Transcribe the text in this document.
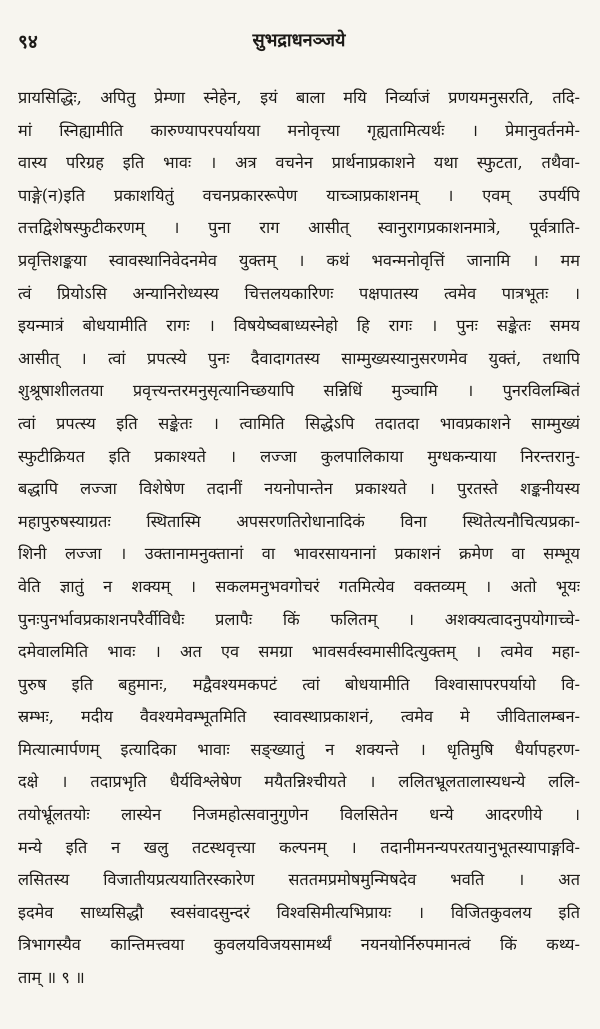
९४	सुभद्राधनञ्जये
प्रायसिद्धिः, अपितु प्रेम्णा स्नेहेन, इयं बाला मयि निर्व्याजं प्रणयमनुसरति, तदि-
मां स्निह्यामीति कारुण्यापरपर्यायया मनोवृत्त्या गृह्यतामित्यर्थः । प्रेमानुवर्तनमे-
वास्य परिग्रह इति भावः । अत्र वचनेन प्रार्थनाप्रकाशने यथा स्फुटता, तथैवा-
पाङ्गे(न)इति प्रकाशयितुं वचनप्रकाररूपेण याच्ञाप्रकाशनम् । एवम् उपर्यपि
तत्तद्विशेषस्फुटीकरणम् । पुना राग आसीत् स्वानुरागप्रकाशनमात्रे, पूर्वत्राति-
प्रवृत्तिशङ्कया स्वावस्थानिवेदनमेव युक्तम् । कथं भवन्मनोवृत्तिं जानामि । मम
त्वं प्रियोऽसि अन्यानिरोध्यस्य चित्तलयकारिणः पक्षपातस्य त्वमेव पात्रभूतः ।
इयन्मात्रं बोधयामीति रागः । विषयेष्वबाध्यस्नेहो हि रागः । पुनः सङ्केतः समय
आसीत् । त्वां प्रपत्स्ये पुनः दैवादागतस्य साम्मुख्यस्यानुसरणमेव युक्तं, तथापि
शुश्रूषाशीलतया प्रवृत्त्यन्तरमनुसृत्यानिच्छयापि सन्निधिं मुञ्चामि । पुनरविलम्बितं
त्वां प्रपत्स्य इति सङ्केतः । त्वामिति सिद्धेऽपि तदातदा भावप्रकाशने साम्मुख्यं
स्फुटीक्रियत इति प्रकाश्यते । लज्जा कुलपालिकाया मुग्धकन्याया निरन्तरानु-
बद्धापि लज्जा विशेषेण तदानीं नयनोपान्तेन प्रकाश्यते । पुरतस्ते शङ्कनीयस्य
महापुरुषस्याग्रतः स्थितास्मि अपसरणतिरोधानादिकं विना स्थितेत्यनौचित्यप्रका-
शिनी लज्जा । उक्तानामनुक्तानां वा भावरसायनानां प्रकाशनं क्रमेण वा सम्भूय
वेति ज्ञातुं न शक्यम् । सकलमनुभवगोचरं गतमित्येव वक्तव्यम् । अतो भूयः
पुनःपुनर्भावप्रकाशनपरैर्वीविधैः प्रलापैः किं फलितम् । अशक्यत्वादनुपयोगाच्चे-
दमेवालमिति भावः । अत एव समग्रा भावसर्वस्वमासीदित्युक्तम् । त्वमेव महा-
पुरुष इति बहुमानः, मद्वैवश्यमकपटं त्वां बोधयामीति विश्वासापरपर्यायो वि-
स्रम्भः, मदीय वैवश्यमेवम्भूतमिति स्वावस्थाप्रकाशनं, त्वमेव मे जीवितालम्बन-
मित्यात्मार्पणम् इत्यादिका भावाः सङ्ख्यातुं न शक्यन्ते । धृतिमुषि धैर्यापहरण-
दक्षे । तदाप्रभृति धैर्यविश्लेषेण मयैतन्निश्चीयते । ललितभ्रूलतालास्यधन्ये ललि-
तयोर्भ्रूलतयोः लास्येन निजमहोत्सवानुगुणेन विलसितेन धन्ये आदरणीये ।
मन्ये इति न खलु तटस्थवृत्त्या कल्पनम् । तदानीमनन्यपरतयानुभूतस्यापाङ्गवि-
लसितस्य विजातीयप्रत्ययातिरस्कारेण सततमप्रमोषमुन्मिषदेव भवति । अत
इदमेव साध्यसिद्धौ स्वसंवादसुन्दरं विश्वसिमीत्यभिप्रायः । विजितकुवलय इति
त्रिभागस्यैव कान्तिमत्त्वया कुवलयविजयसामर्थ्यं नयनयोर्निरुपमानत्वं किं कथ्य-
ताम् ॥ ९ ॥
